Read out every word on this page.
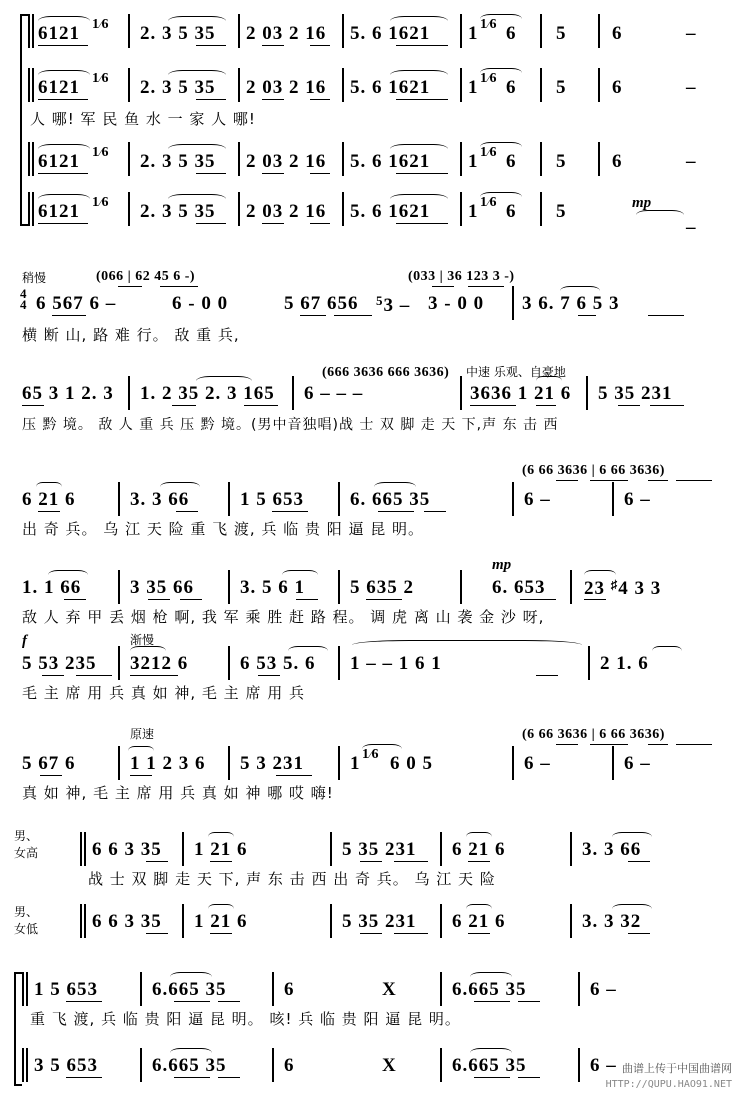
6121 1⁄6 2. 3 5 35 2 03 2 16 5. 6 1621 1 1⁄6 6 5 6	–
6121 1⁄6 2. 3 5 35 2 03 2 16 5. 6 1621 1 1⁄6 6 5 6	–
人 哪! 军 民 鱼 水 一 家 人 哪!
6121 1⁄6 2. 3 5 35 2 03 2 16 5. 6 1621 1 1⁄6 6 5 6	–
6121 1⁄6 2. 3 5 35 2 03 2 16 5. 6 1621 1 1⁄6 6 5	mp
–
稍慢	(066 | 62 45 6 -)	(033 | 36 123 3 -)
4
4 6 567 6 –	6 - 0 0	5 67 656 $^5$3 – 3 - 0 0 3 6. 7 6 5 3
横 断 山, 路 难 行。 敌 重 兵,
(666 3636 666 3636) 中速 乐观、自豪地
65 3 1 2. 3 1. 2 35 2. 3 165 6 – – –	3636 1 21 6 5 35 231
压 黔 境。 敌 人 重 兵 压 黔 境。(男中音独唱)战 士 双 脚 走 天 下,声 东 击 西
(6 66 3636 | 6 66 3636)
6 21 6	3. 3 66	1 5 653 6. 665 35	6 –	6 –
出 奇 兵。 乌 江 天 险 重 飞 渡, 兵 临 贵 阳 逼 昆 明。
mp
1. 1 66	3 35 66 3. 5 6 1 5 635 2	6. 653 23 ♯4 3 3
敌 人 弃 甲 丢 烟 枪 啊, 我 军 乘 胜 赶 路 程。 调 虎 离 山 袭 金 沙 呀,
f	渐慢
5 53 235 3212 6	6 53 5. 6 1 – – 1 6 1	2 1. 6
毛 主 席 用 兵 真 如 神, 毛 主 席 用 兵
原速	(6 66 3636 | 6 66 3636)
5 67 6	1 1 2 3 6 5 3 231 1 1⁄6 6 0 5	6 –	6 –
真 如 神, 毛 主 席 用 兵 真 如 神 哪 哎 嗨!
男、女高
男、女低
6 6 3 35 1 21 6	5 35 231 6 21 6	3. 3 66
战 士 双 脚 走 天 下, 声 东 击 西 出 奇 兵。 乌 江 天 险
6 6 3 35 1 21 6	5 35 231 6 21 6	3. 3 32
1 5 653	6.665 35	6	X	6.665 35	6 –
重 飞 渡, 兵 临 贵 阳 逼 昆 明。 咳! 兵 临 贵 阳 逼 昆 明。
3 5 653	6.665 35	6	X	6.665 35	6 – 曲谱上传于中国曲谱网
HTTP://QUPU.HAO91.NET
